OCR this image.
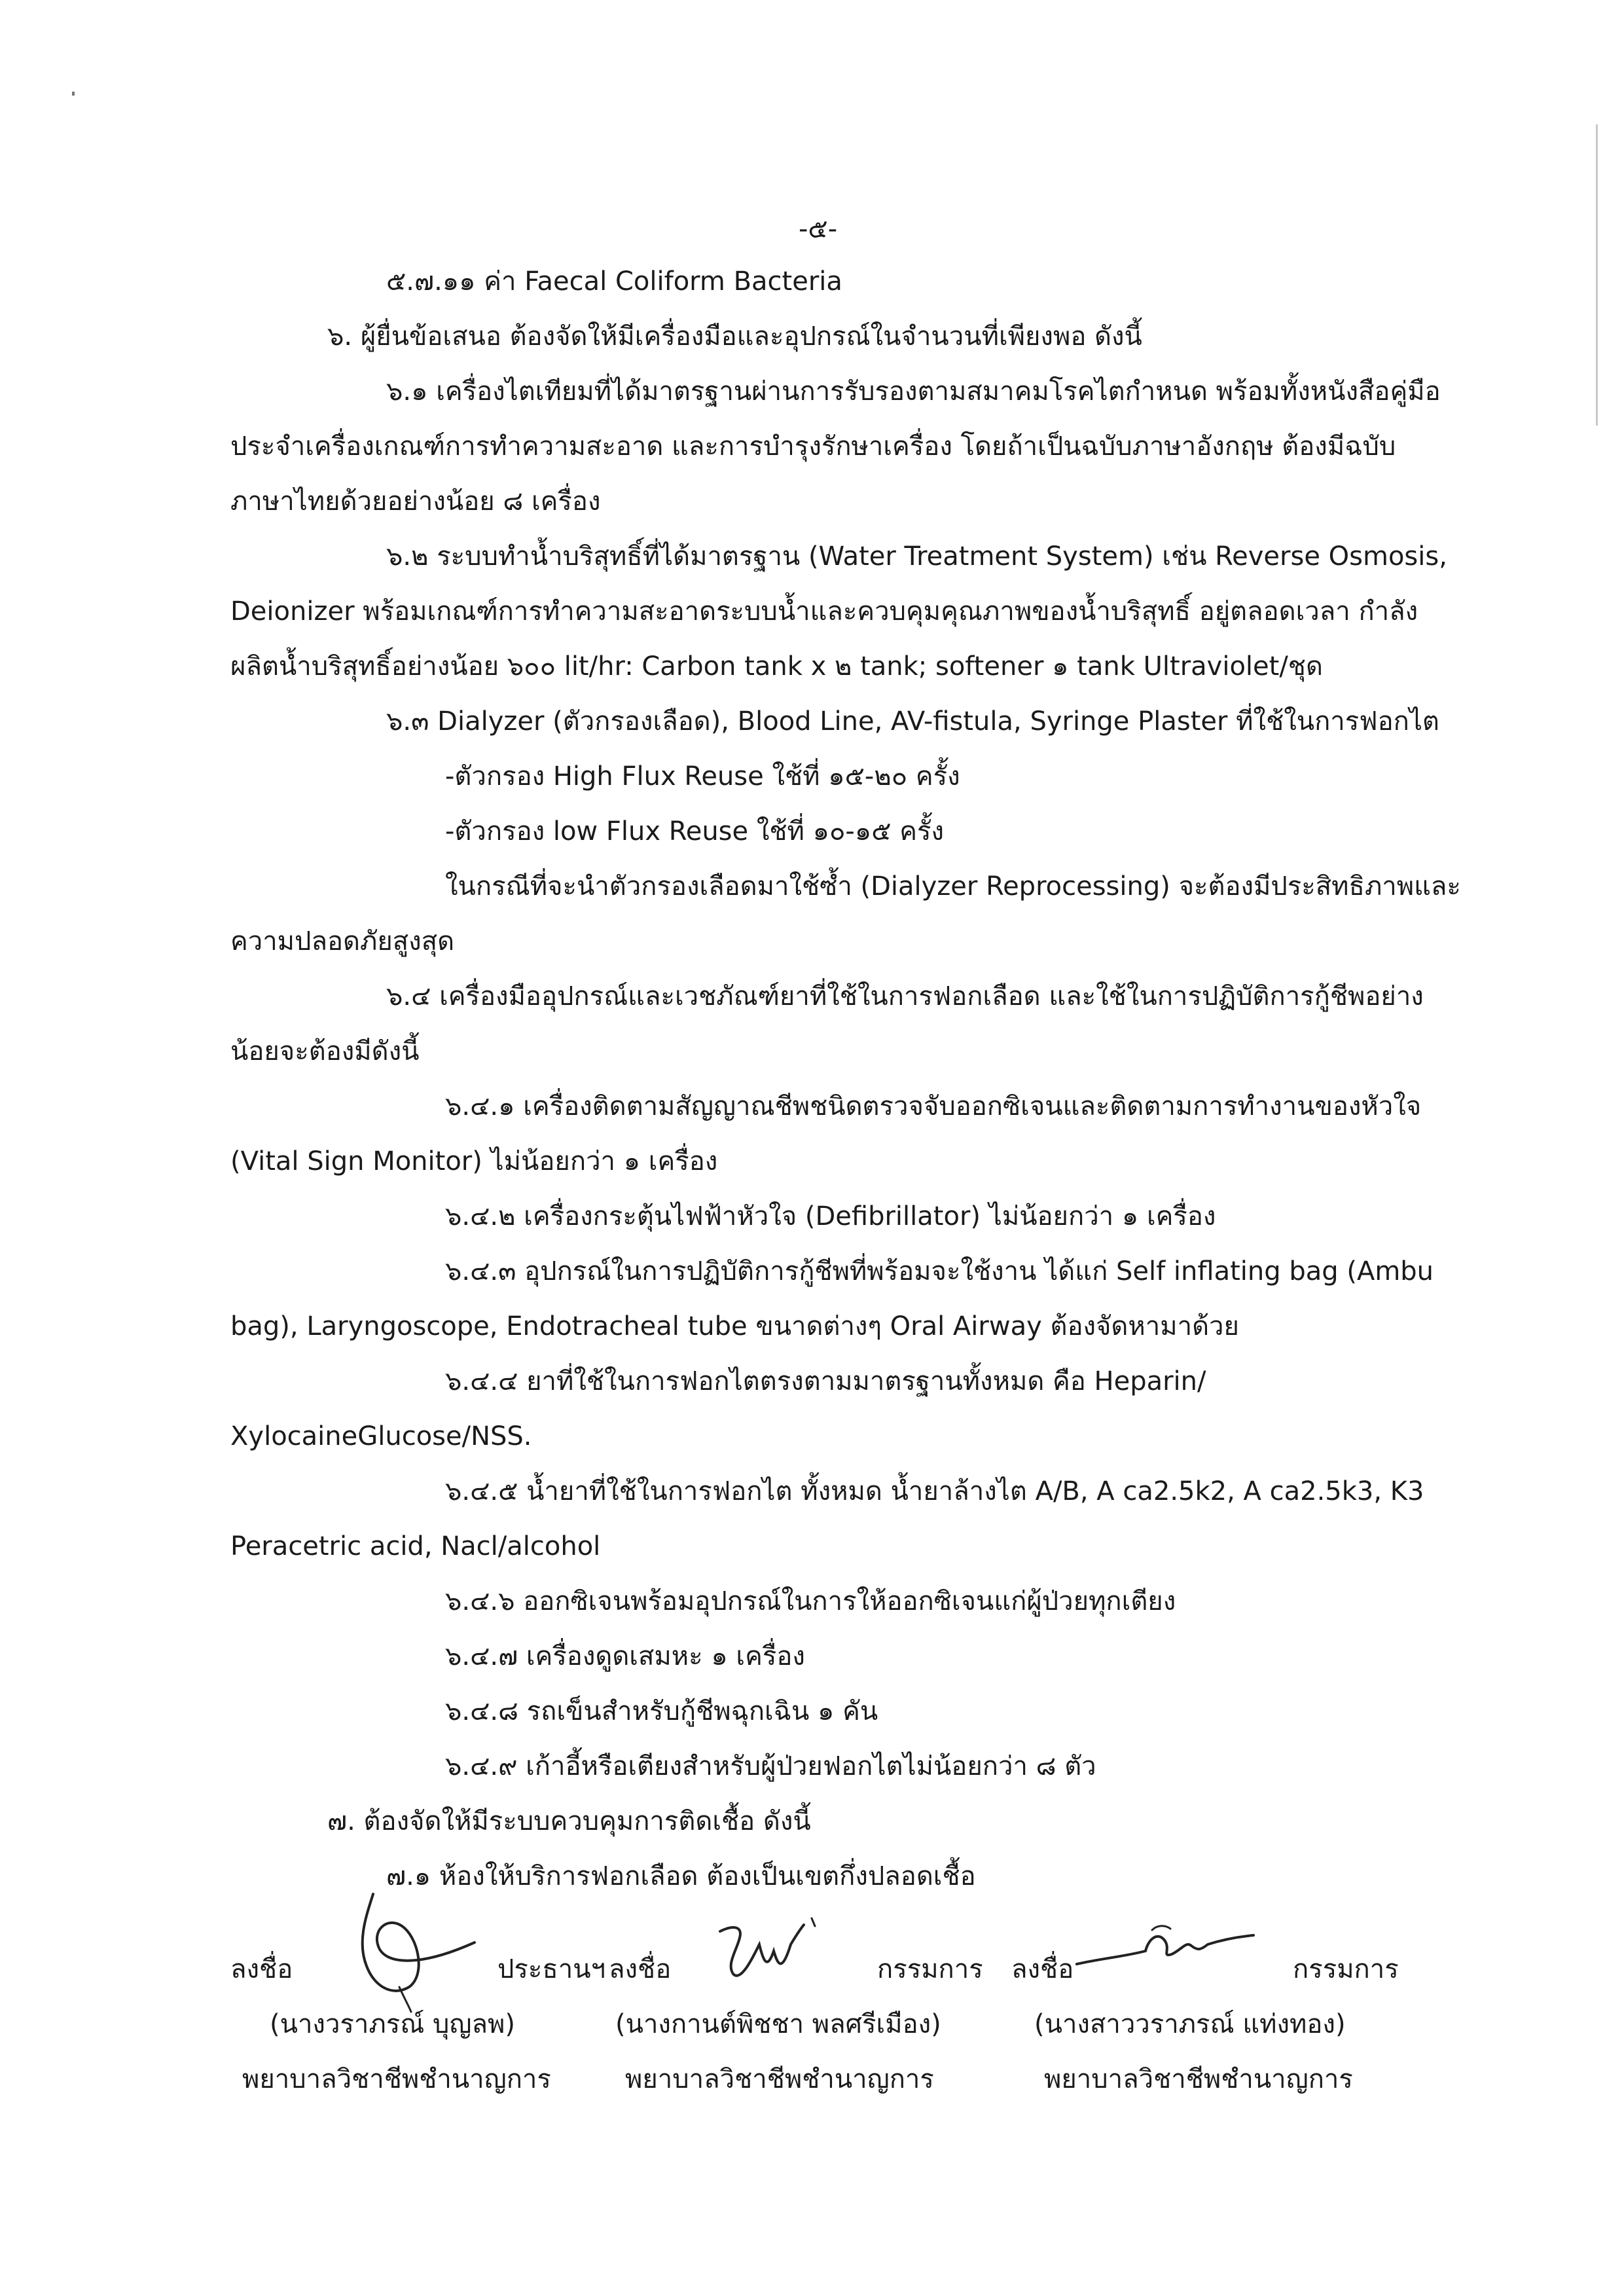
-๕-
๕.๗.๑๑ ค่า Faecal Coliform Bacteria
๖. ผู้ยื่นข้อเสนอ ต้องจัดให้มีเครื่องมือและอุปกรณ์ในจำนวนที่เพียงพอ ดังนี้
๖.๑ เครื่องไตเทียมที่ได้มาตรฐานผ่านการรับรองตามสมาคมโรคไตกำหนด พร้อมทั้งหนังสือคู่มือ
ประจำเครื่องเกณฑ์การทำความสะอาด และการบำรุงรักษาเครื่อง โดยถ้าเป็นฉบับภาษาอังกฤษ ต้องมีฉบับ
ภาษาไทยด้วยอย่างน้อย ๘ เครื่อง
๖.๒ ระบบทำน้ำบริสุทธิ์ที่ได้มาตรฐาน (Water Treatment System) เช่น Reverse Osmosis,
Deionizer พร้อมเกณฑ์การทำความสะอาดระบบน้ำและควบคุมคุณภาพของน้ำบริสุทธิ์ อยู่ตลอดเวลา กำลัง
ผลิตน้ำบริสุทธิ์อย่างน้อย ๖๐๐ lit/hr: Carbon tank x ๒ tank; softener ๑ tank Ultraviolet/ชุด
๖.๓ Dialyzer (ตัวกรองเลือด), Blood Line, AV-fistula, Syringe Plaster ที่ใช้ในการฟอกไต
-ตัวกรอง High Flux Reuse ใช้ที่ ๑๕-๒๐ ครั้ง
-ตัวกรอง low Flux Reuse ใช้ที่ ๑๐-๑๕ ครั้ง
ในกรณีที่จะนำตัวกรองเลือดมาใช้ซ้ำ (Dialyzer Reprocessing) จะต้องมีประสิทธิภาพและ
ความปลอดภัยสูงสุด
๖.๔ เครื่องมืออุปกรณ์และเวชภัณฑ์ยาที่ใช้ในการฟอกเลือด และใช้ในการปฏิบัติการกู้ชีพอย่าง
น้อยจะต้องมีดังนี้
๖.๔.๑ เครื่องติดตามสัญญาณชีพชนิดตรวจจับออกซิเจนและติดตามการทำงานของหัวใจ
(Vital Sign Monitor) ไม่น้อยกว่า ๑ เครื่อง
๖.๔.๒ เครื่องกระตุ้นไฟฟ้าหัวใจ (Defibrillator) ไม่น้อยกว่า ๑ เครื่อง
๖.๔.๓ อุปกรณ์ในการปฏิบัติการกู้ชีพที่พร้อมจะใช้งาน ได้แก่ Self inflating bag (Ambu
bag), Laryngoscope, Endotracheal tube ขนาดต่างๆ Oral Airway ต้องจัดหามาด้วย
๖.๔.๔ ยาที่ใช้ในการฟอกไตตรงตามมาตรฐานทั้งหมด คือ Heparin/
XylocaineGlucose/NSS.
๖.๔.๕ น้ำยาที่ใช้ในการฟอกไต ทั้งหมด น้ำยาล้างไต A/B, A ca2.5k2, A ca2.5k3, K3
Peracetric acid, Nacl/alcohol
๖.๔.๖ ออกซิเจนพร้อมอุปกรณ์ในการให้ออกซิเจนแก่ผู้ป่วยทุกเตียง
๖.๔.๗ เครื่องดูดเสมหะ ๑ เครื่อง
๖.๔.๘ รถเข็นสำหรับกู้ชีพฉุกเฉิน ๑ คัน
๖.๔.๙ เก้าอี้หรือเตียงสำหรับผู้ป่วยฟอกไตไม่น้อยกว่า ๘ ตัว
๗. ต้องจัดให้มีระบบควบคุมการติดเชื้อ ดังนี้
๗.๑ ห้องให้บริการฟอกเลือด ต้องเป็นเขตกึ่งปลอดเชื้อ
ลงชื่อ	ประธานฯ
(นางวราภรณ์ บุญลพ)
พยาบาลวิชาชีพชำนาญการ
ลงชื่อ	กรรมการ
(นางกานต์พิชชา พลศรีเมือง)
พยาบาลวิชาชีพชำนาญการ
ลงชื่อ	กรรมการ
(นางสาววราภรณ์ แท่งทอง)
พยาบาลวิชาชีพชำนาญการ
